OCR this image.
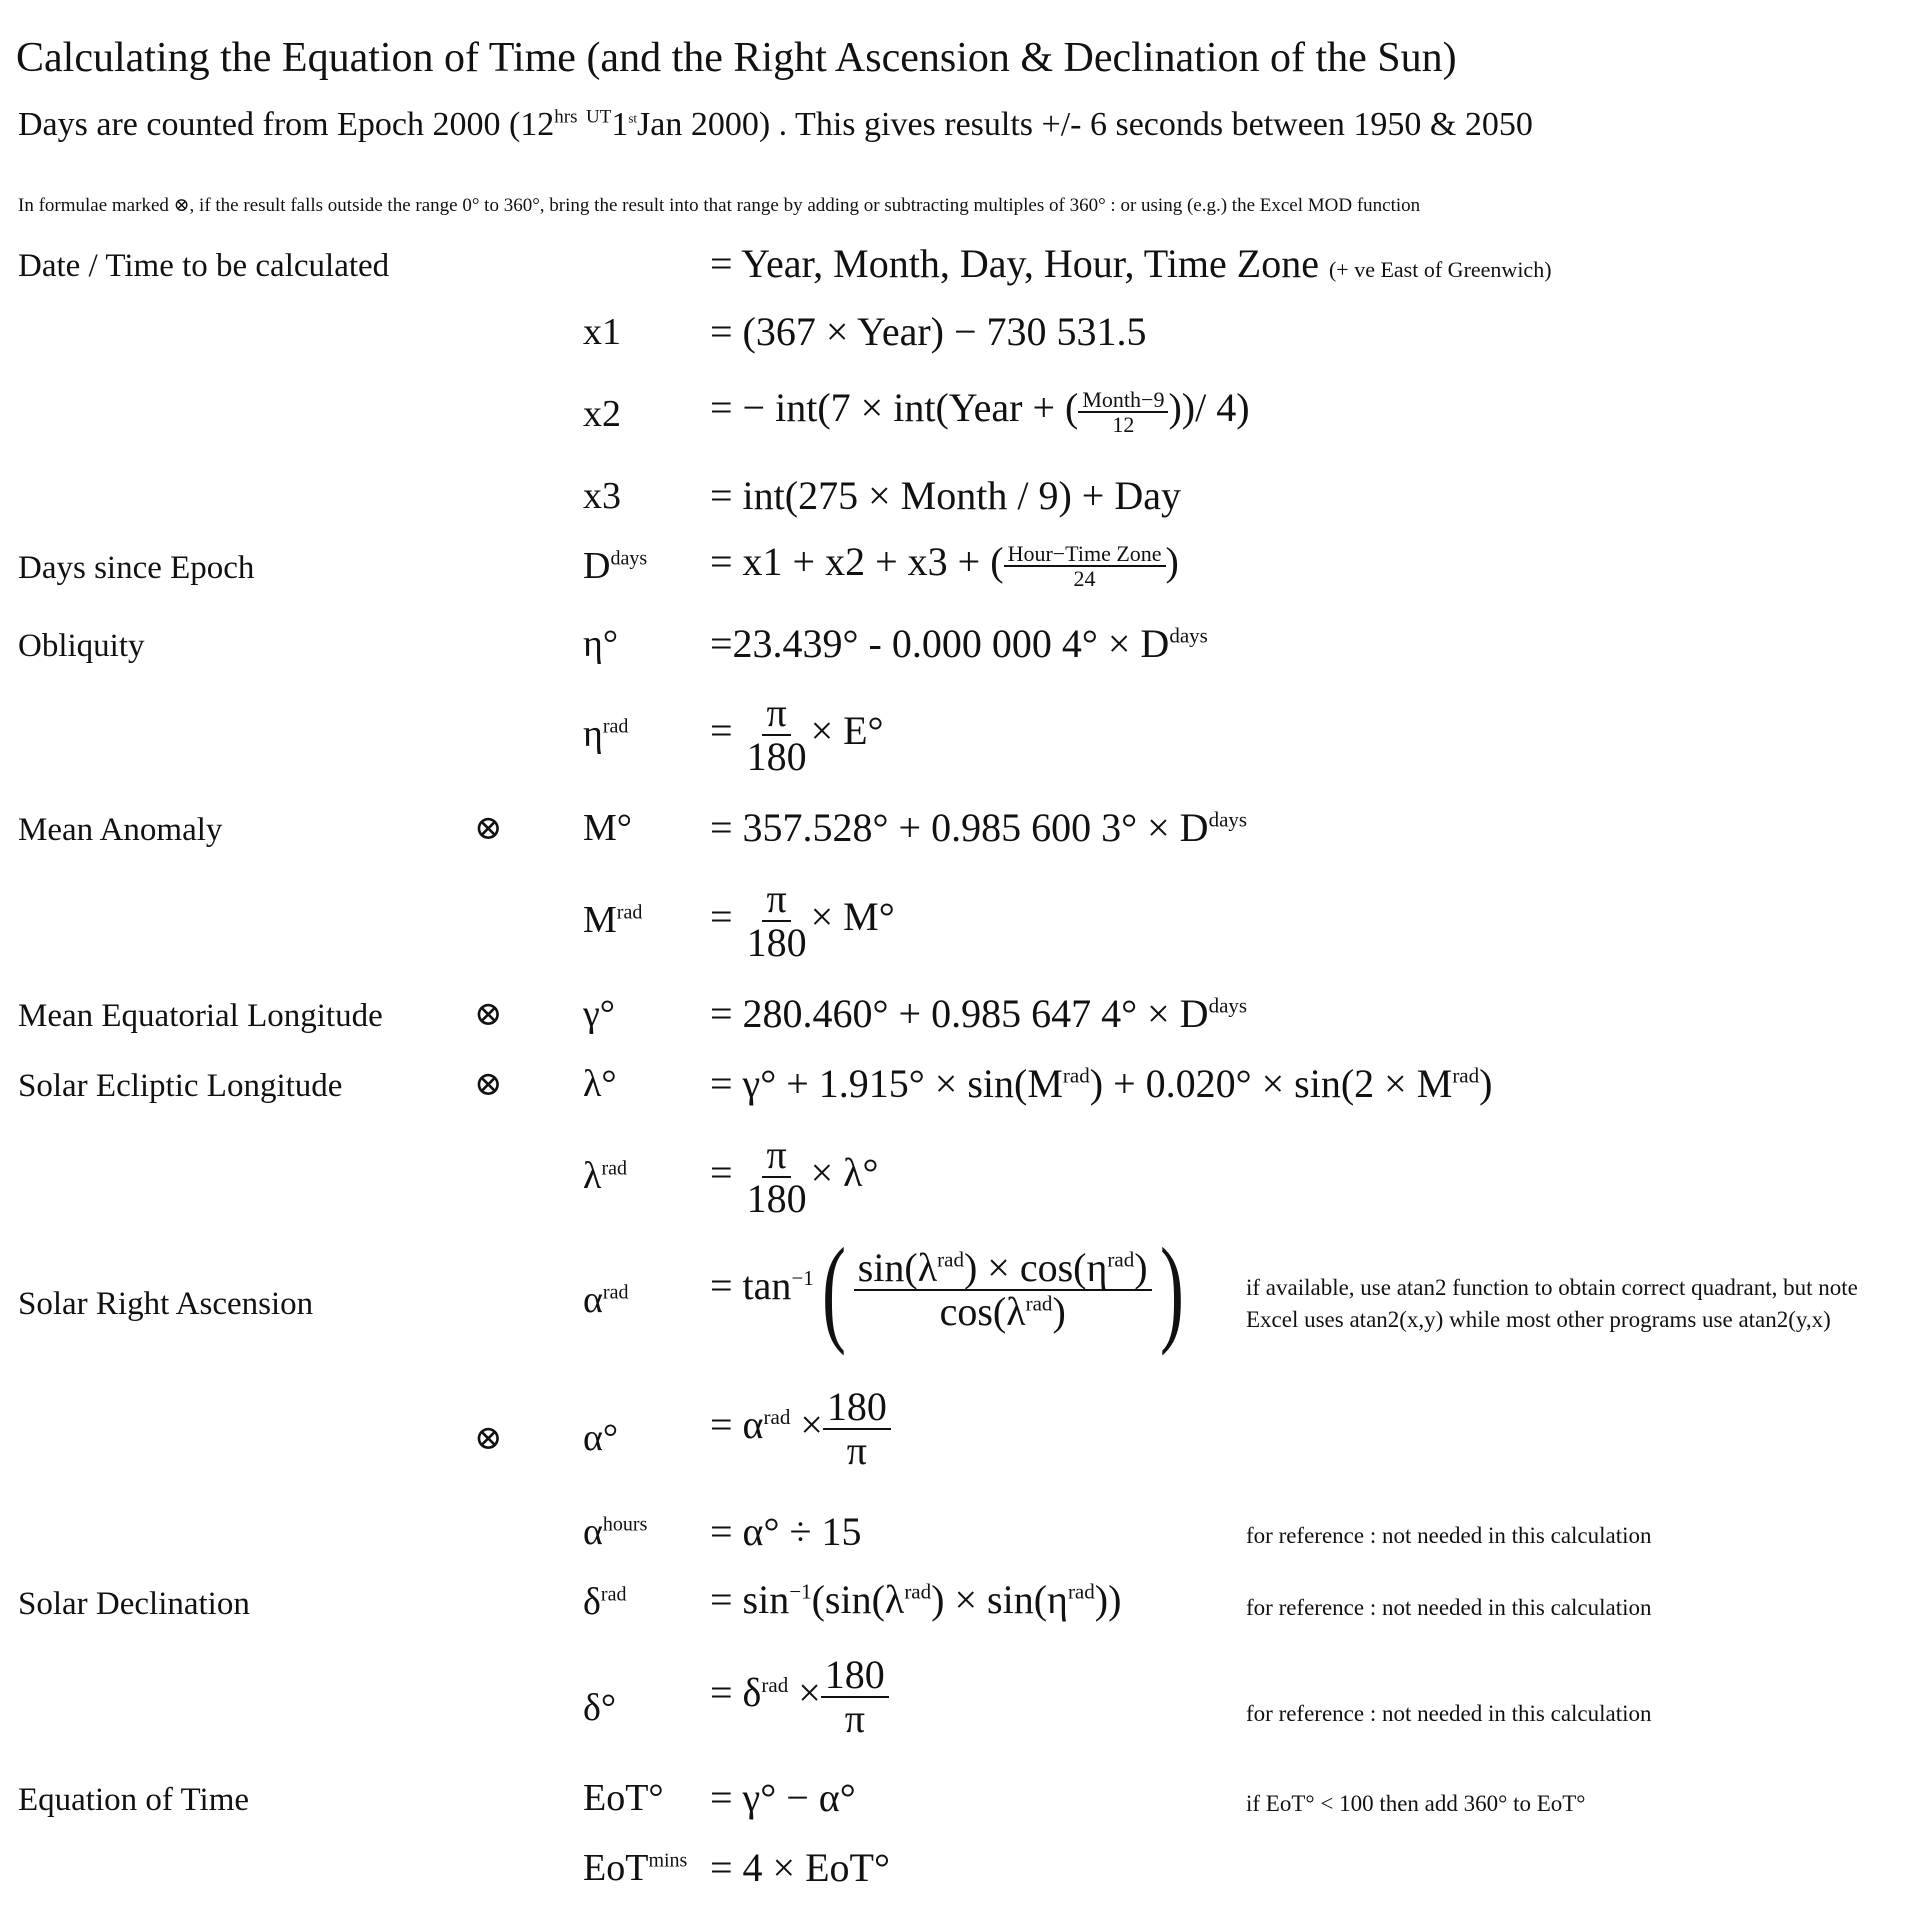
Calculating the Equation of Time (and the Right Ascension & Declination of the Sun)
Days are counted from Epoch 2000 ($12^{hrs}$ $^{UT}$1stJan 2000) . This gives results +/- 6 seconds between 1950 & 2050
In formulae marked ⊗, if the result falls outside the range 0° to 360°, bring the result into that range by adding or subtracting multiples of 360° : or using (e.g.) the Excel MOD function
Date / Time to be calculated	= Year, Month, Day, Hour, Time Zone (+ ve East of Greenwich)
x1 = (367 × Year) − 730 531.5
x2 = − int(7 × int(Year + ( $\frac{\text{Month−9}}{12}$ ))/ 4)
x3 = int(275 × Month / 9) + Day
Days since Epoch	$D^{days} = x1 + x2 + x3$ + ( $\frac{\text{Hour−Time Zone}}{24}$ )
Obliquity	η° =23.439° - 0.000 000 $4^\circ \times D^{days}$
$\eta^{rad} = \frac{\pi}{180} \times E^\circ$
Mean Anomaly	⊗ M° = 357.528° + 0.985 600 $3^\circ \times D^{days}$
$M^{rad} = \frac{\pi}{180} \times M^\circ$
Mean Equatorial Longitude	⊗ γ° = 280.460° + 0.985 647 $4^\circ \times D^{days}$
Solar Ecliptic Longitude	⊗ $\lambda^\circ = \gamma^\circ + 1.915^\circ \times \sin(M^{rad}) + 0.020^\circ \times \sin(2 \times M^{rad})$
$\lambda^{rad} = \frac{\pi}{180} \times \lambda^\circ$
Solar Right Ascension	$\alpha^{rad} = \tan^{-1}( \frac{\sin(\lambda^{rad}) \times \cos(\eta^{rad})}{\cos(\lambda^{rad})}$ )	if available, use atan2 function to obtain correct quadrant, but note
Excel uses atan2(x,y) while most other programs use atan2(y,x)
⊗ $\alpha^\circ = \alpha^{rad} \times \frac{180}{\pi}$
$\alpha^{hours} = \alpha^\circ \div 15$	for reference : not needed in this calculation
Solar Declination	$\delta^{rad} = \sin^{-1}(\sin(\lambda^{rad}) \times \sin(\eta^{rad}))$	for reference : not needed in this calculation
$\delta^\circ = \delta^{rad} \times \frac{180}{\pi}$	for reference : not needed in this calculation
Equation of Time	EoT° = γ° − α°	if EoT° < 100 then add 360° to EoT°
EoT$^{mins}$ = 4 × EoT°
